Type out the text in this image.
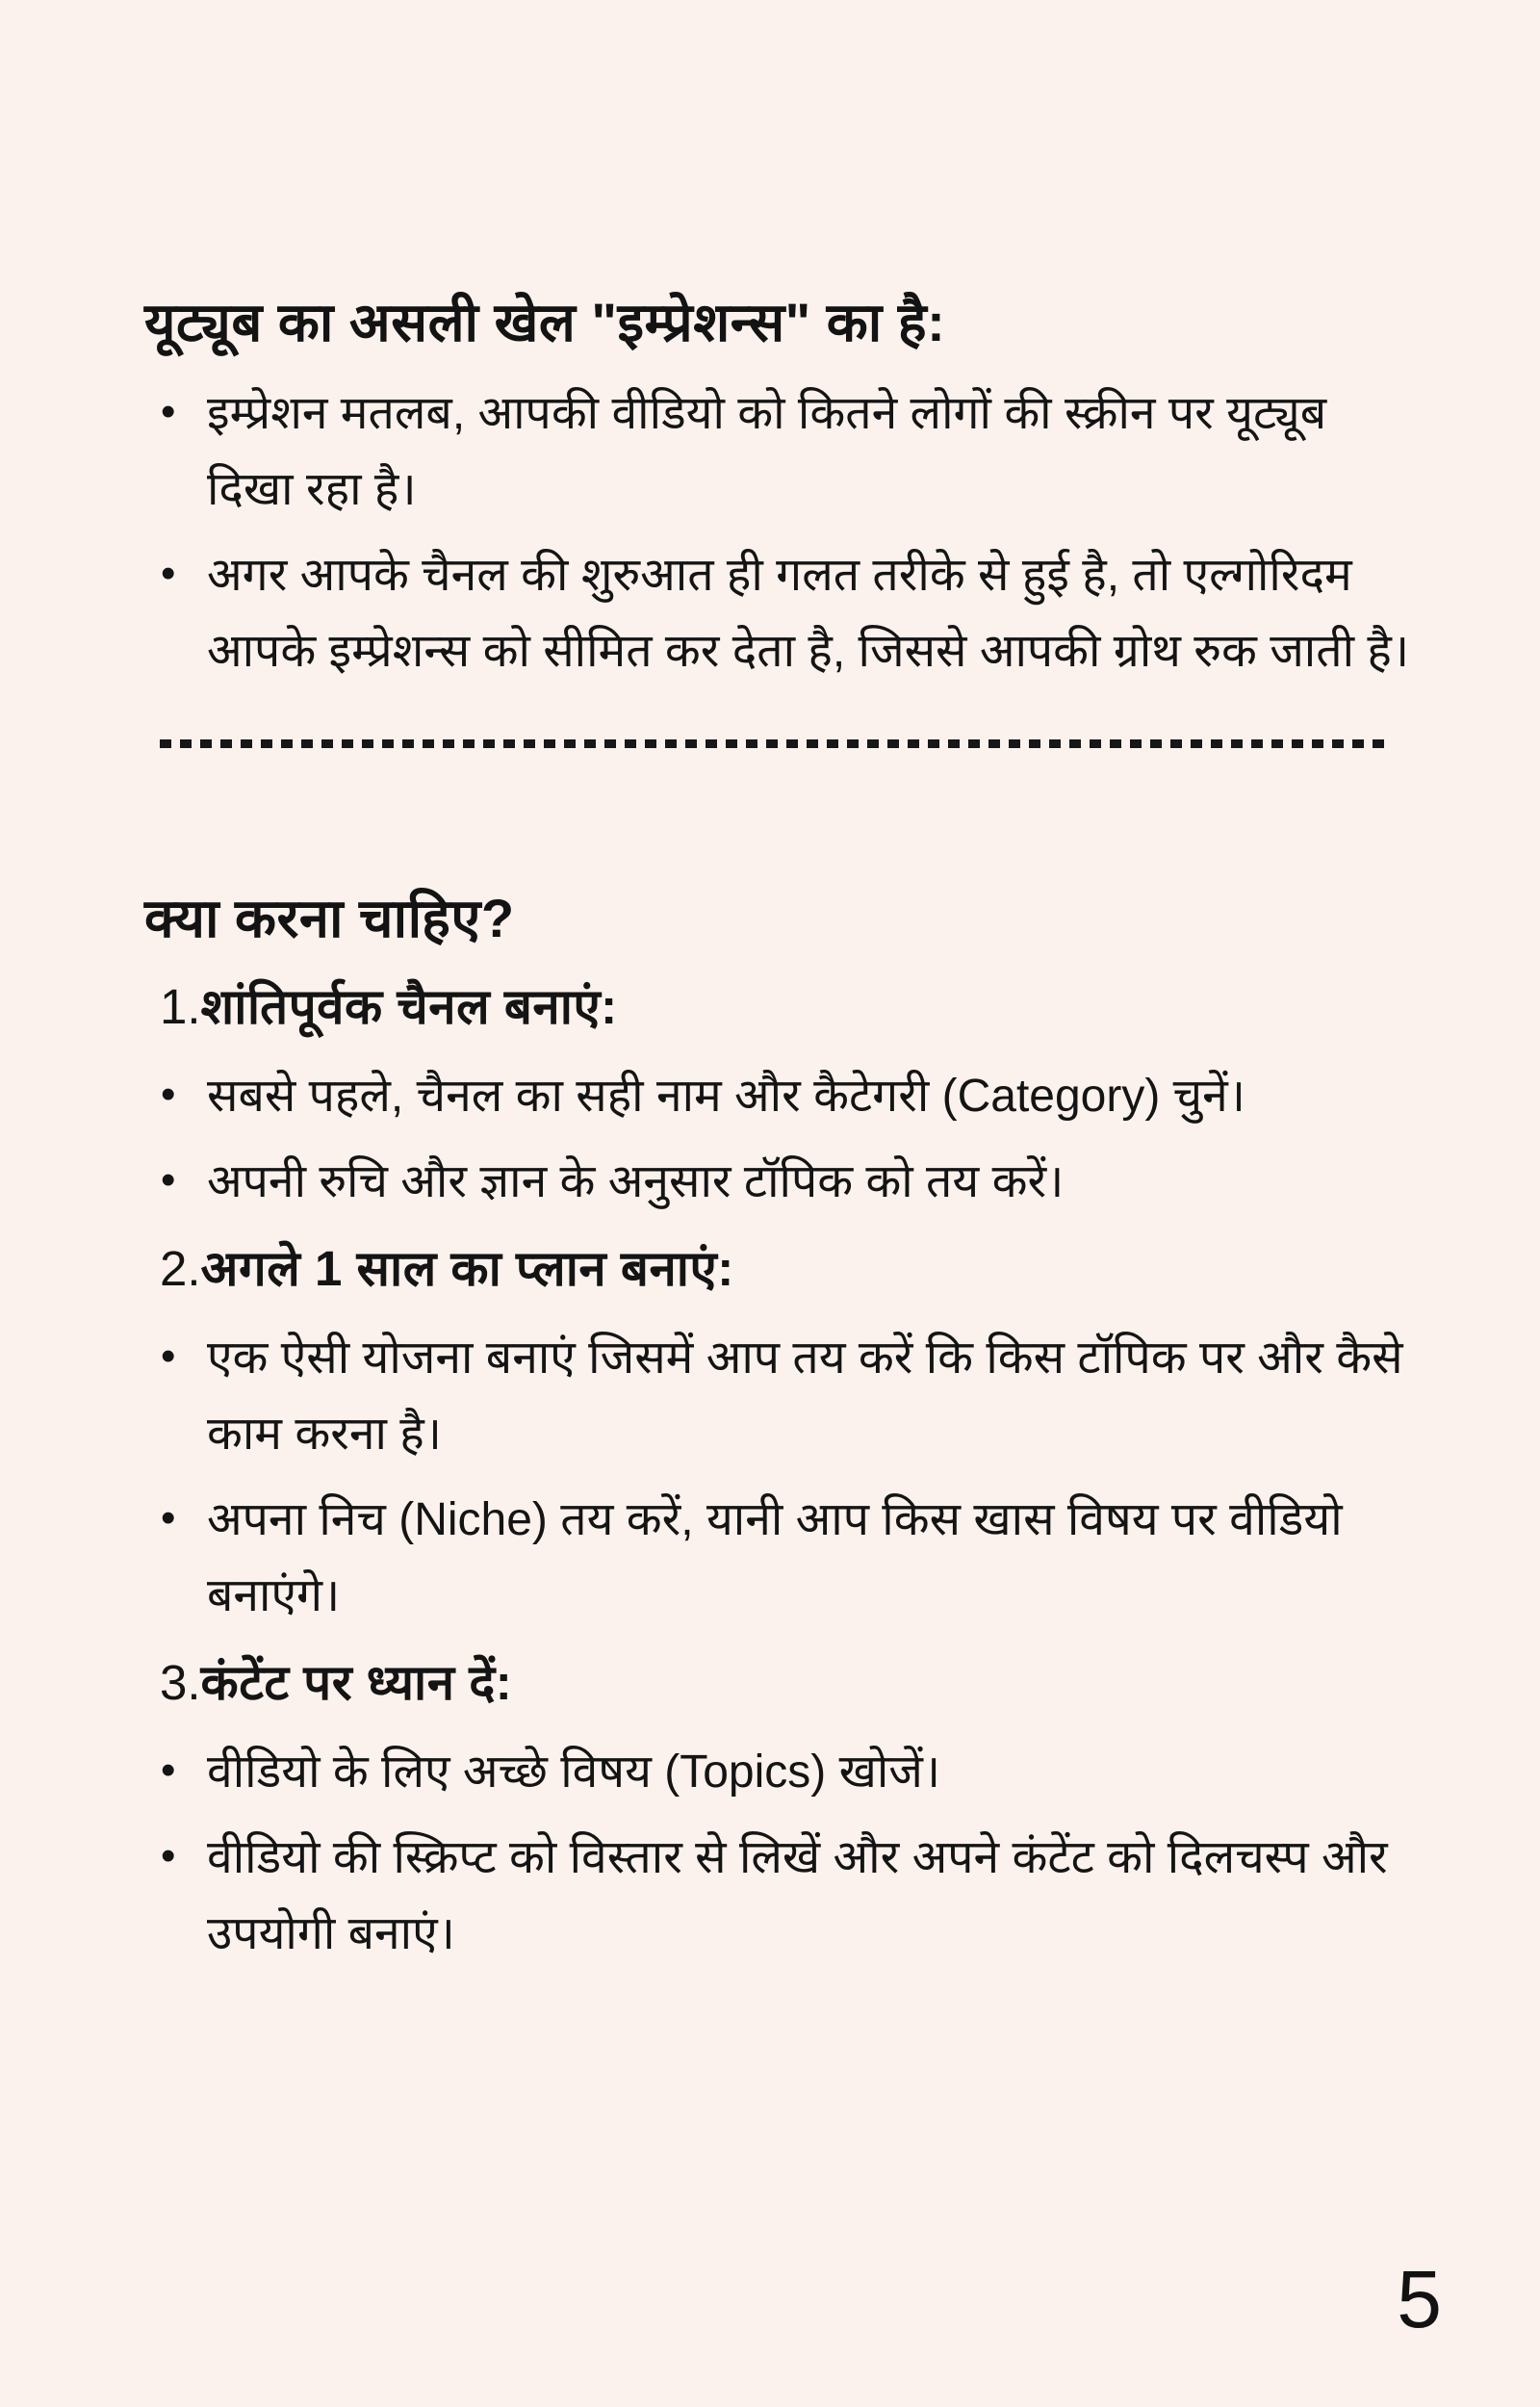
यूट्यूब का असली खेल "इम्प्रेशन्स" का है:
• इम्प्रेशन मतलब, आपकी वीडियो को कितने लोगों की स्क्रीन पर यूट्यूब दिखा रहा है।
• अगर आपके चैनल की शुरुआत ही गलत तरीके से हुई है, तो एल्गोरिदम आपके इम्प्रेशन्स को सीमित कर देता है, जिससे आपकी ग्रोथ रुक जाती है।
क्या करना चाहिए?
1.शांतिपूर्वक चैनल बनाएं:
• सबसे पहले, चैनल का सही नाम और कैटेगरी (Category) चुनें।
• अपनी रुचि और ज्ञान के अनुसार टॉपिक को तय करें।
2.अगले 1 साल का प्लान बनाएं:
• एक ऐसी योजना बनाएं जिसमें आप तय करें कि किस टॉपिक पर और कैसे काम करना है।
• अपना निच (Niche) तय करें, यानी आप किस खास विषय पर वीडियो बनाएंगे।
3.कंटेंट पर ध्यान दें:
• वीडियो के लिए अच्छे विषय (Topics) खोजें।
• वीडियो की स्क्रिप्ट को विस्तार से लिखें और अपने कंटेंट को दिलचस्प और उपयोगी बनाएं।
5
